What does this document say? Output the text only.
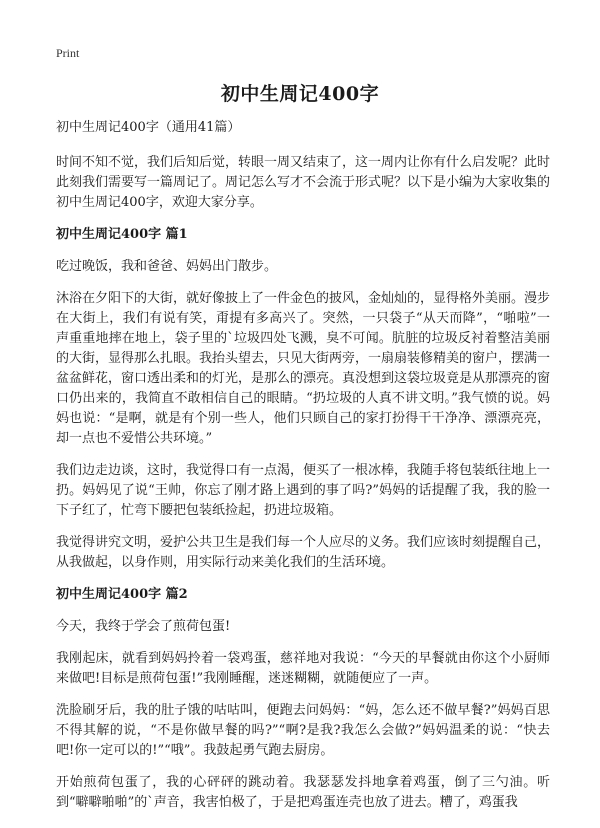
Print
初中生周记400字

初中生周记400字（通用41篇）

时间不知不觉，我们后知后觉，转眼一周又结束了，这一周内让你有什么启发呢？此时此刻我们需要写一篇周记了。周记怎么写才不会流于形式呢？以下是小编为大家收集的初中生周记400字，欢迎大家分享。

初中生周记400字 篇1

吃过晚饭，我和爸爸、妈妈出门散步。

沐浴在夕阳下的大街，就好像披上了一件金色的披风，金灿灿的，显得格外美丽。漫步在大街上，我们有说有笑，甭提有多高兴了。突然，一只袋子“从天而降”，“啪啦”一声重重地摔在地上，袋子里的`垃圾四处飞溅，臭不可闻。肮脏的垃圾反衬着整洁美丽的大街，显得那么扎眼。我抬头望去，只见大街两旁，一扇扇装修精美的窗户，摆满一盆盆鲜花，窗口透出柔和的灯光，是那么的漂亮。真没想到这袋垃圾竟是从那漂亮的窗口仍出来的，我简直不敢相信自己的眼睛。“扔垃圾的人真不讲文明。”我气愤的说。妈妈也说：“是啊，就是有个别一些人，他们只顾自己的家打扮得干干净净、漂漂亮亮，却一点也不爱惜公共环境。”

我们边走边谈，这时，我觉得口有一点渴，便买了一根冰棒，我随手将包装纸往地上一扔。妈妈见了说“王帅，你忘了刚才路上遇到的事了吗?”妈妈的话提醒了我，我的脸一下子红了，忙弯下腰把包装纸捡起，扔进垃圾箱。

我觉得讲究文明，爱护公共卫生是我们每一个人应尽的义务。我们应该时刻提醒自己，从我做起，以身作则，用实际行动来美化我们的生活环境。

初中生周记400字 篇2

今天，我终于学会了煎荷包蛋!

我刚起床，就看到妈妈拎着一袋鸡蛋，慈祥地对我说：“今天的早餐就由你这个小厨师来做吧!目标是煎荷包蛋!”我刚睡醒，迷迷糊糊，就随便应了一声。

洗脸刷牙后，我的肚子饿的咕咕叫，便跑去问妈妈：“妈，怎么还不做早餐?”妈妈百思不得其解的说，“不是你做早餐的吗?”“啊?是我?我怎么会做?”妈妈温柔的说：“快去吧!你一定可以的!”“哦”。我鼓起勇气跑去厨房。

开始煎荷包蛋了，我的心砰砰的跳动着。我瑟瑟发抖地拿着鸡蛋，倒了三勺油。听到“噼噼啪啪”的`声音，我害怕极了，于是把鸡蛋连壳也放了进去。糟了，鸡蛋我
